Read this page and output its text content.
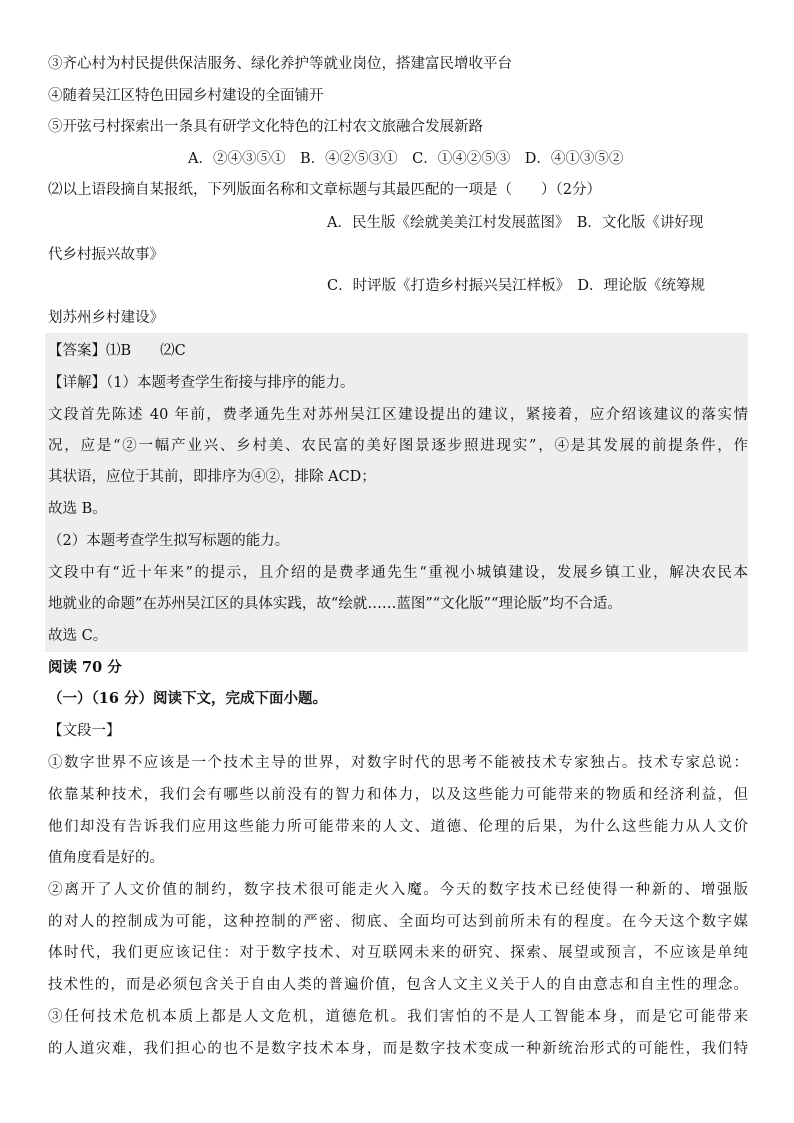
③齐心村为村民提供保洁服务、绿化养护等就业岗位，搭建富民增收平台
④随着吴江区特色田园乡村建设的全面铺开
⑤开弦弓村探索出一条具有研学文化特色的江村农文旅融合发展新路
A．②④③⑤①　B．④②⑤③①　C．①④②⑤③　D．④①③⑤②
⑵以上语段摘自某报纸，下列版面名称和文章标题与其最匹配的一项是（　　）（2分）
A．民生版《绘就美美江村发展蓝图》　B．文化版《讲好现
代乡村振兴故事》
C．时评版《打造乡村振兴吴江样板》　D．理论版《统筹规
划苏州乡村建设》
【答案】⑴B　　⑵C
【详解】（1）本题考查学生衔接与排序的能力。
文段首先陈述 40 年前，费孝通先生对苏州吴江区建设提出的建议，紧接着，应介绍该建议的落实情
况，应是“②一幅产业兴、乡村美、农民富的美好图景逐步照进现实”，④是其发展的前提条件，作
其状语，应位于其前，即排序为④②，排除 ACD；
故选 B。
（2）本题考查学生拟写标题的能力。
文段中有“近十年来”的提示，且介绍的是费孝通先生“重视小城镇建设，发展乡镇工业，解决农民本
地就业的命题”在苏州吴江区的具体实践，故“绘就……蓝图”“文化版”“理论版”均不合适。
故选 C。
阅读 70 分
（一）（16 分）阅读下文，完成下面小题。
【文段一】
①数字世界不应该是一个技术主导的世界，对数字时代的思考不能被技术专家独占。技术专家总说：
依靠某种技术，我们会有哪些以前没有的智力和体力，以及这些能力可能带来的物质和经济利益，但
他们却没有告诉我们应用这些能力所可能带来的人文、道德、伦理的后果，为什么这些能力从人文价
值角度看是好的。
②离开了人文价值的制约，数字技术很可能走火入魔。今天的数字技术已经使得一种新的、增强版
的对人的控制成为可能，这种控制的严密、彻底、全面均可达到前所未有的程度。在今天这个数字媒
体时代，我们更应该记住：对于数字技术、对互联网未来的研究、探索、展望或预言，不应该是单纯
技术性的，而是必须包含关于自由人类的普遍价值，包含人文主义关于人的自由意志和自主性的理念。
③任何技术危机本质上都是人文危机，道德危机。我们害怕的不是人工智能本身，而是它可能带来
的人道灾难，我们担心的也不是数字技术本身，而是数字技术变成一种新统治形式的可能性，我们特
